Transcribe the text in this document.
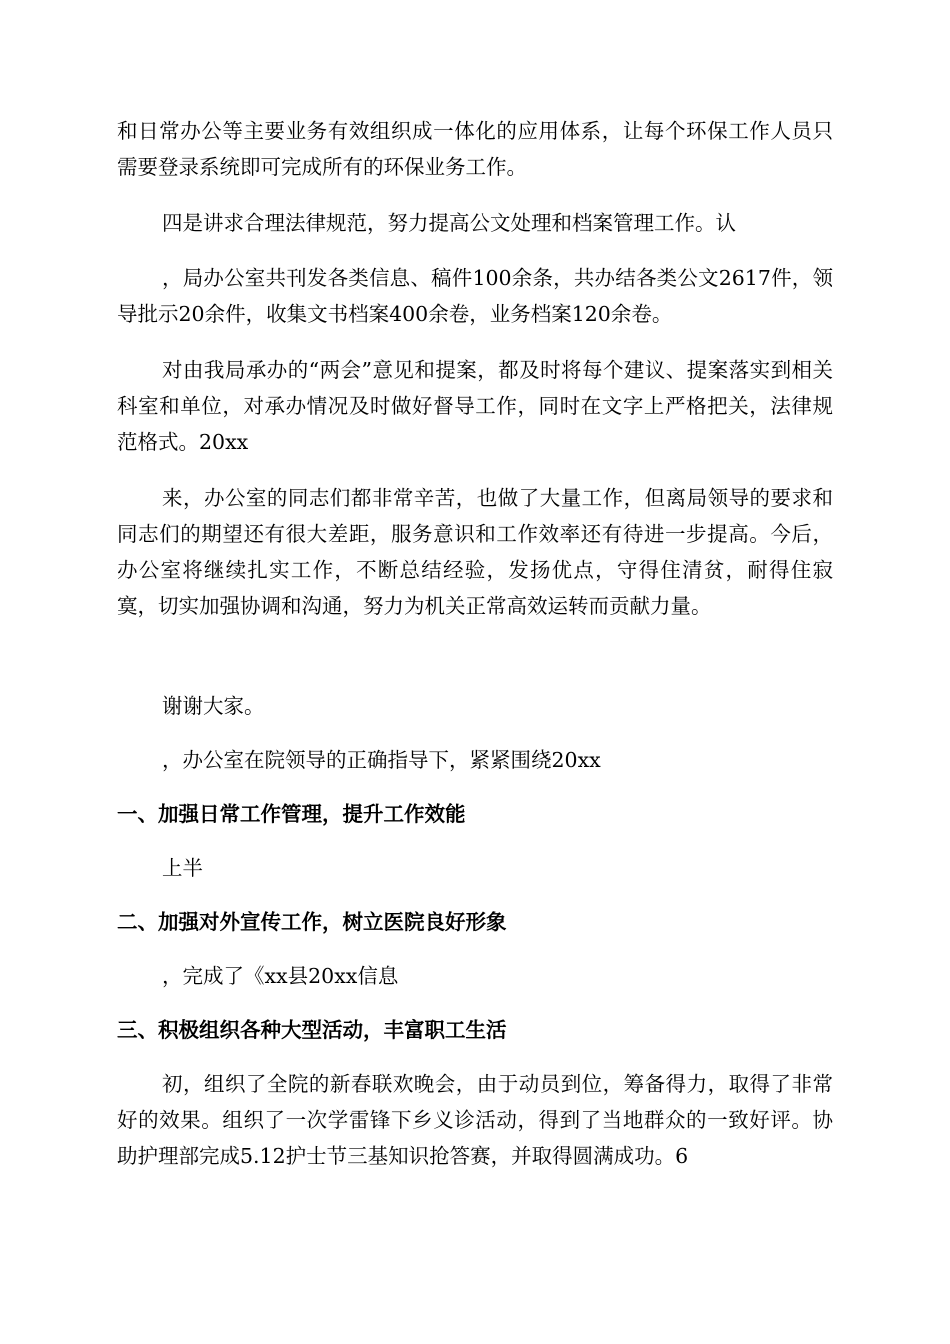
和日常办公等主要业务有效组织成一体化的应用体系，让每个环保工作人员只需要登录系统即可完成所有的环保业务工作。

四是讲求合理法律规范，努力提高公文处理和档案管理工作。认

，局办公室共刊发各类信息、稿件100余条，共办结各类公文2617件，领导批示20余件，收集文书档案400余卷，业务档案120余卷。

对由我局承办的“两会”意见和提案，都及时将每个建议、提案落实到相关科室和单位，对承办情况及时做好督导工作，同时在文字上严格把关，法律规范格式。20xx

来，办公室的同志们都非常辛苦，也做了大量工作，但离局领导的要求和同志们的期望还有很大差距，服务意识和工作效率还有待进一步提高。今后，办公室将继续扎实工作，不断总结经验，发扬优点，守得住清贫，耐得住寂寞，切实加强协调和沟通，努力为机关正常高效运转而贡献力量。

谢谢大家。

，办公室在院领导的正确指导下，紧紧围绕20xx

一、加强日常工作管理，提升工作效能

上半

二、加强对外宣传工作，树立医院良好形象

，完成了《xx县20xx信息

三、积极组织各种大型活动，丰富职工生活

初，组织了全院的新春联欢晚会，由于动员到位，筹备得力，取得了非常好的效果。组织了一次学雷锋下乡义诊活动，得到了当地群众的一致好评。协助护理部完成5.12护士节三基知识抢答赛，并取得圆满成功。6
